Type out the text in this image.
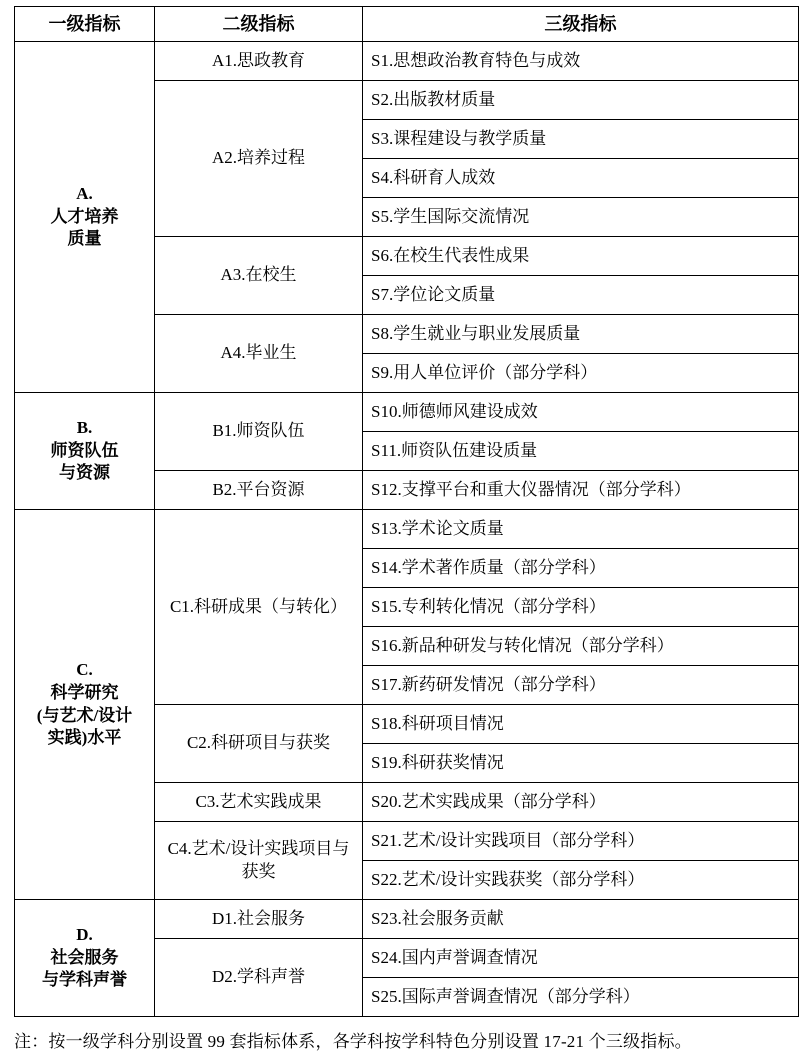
一级指标	二级指标	三级指标
A.
人才培养
质量	A1.思政教育	S1.思想政治教育特色与成效
	A2.培养过程	S2.出版教材质量
		S3.课程建设与教学质量
		S4.科研育人成效
		S5.学生国际交流情况
	A3.在校生	S6.在校生代表性成果
		S7.学位论文质量
	A4.毕业生	S8.学生就业与职业发展质量
		S9.用人单位评价（部分学科）
B.
师资队伍
与资源	B1.师资队伍	S10.师德师风建设成效
		S11.师资队伍建设质量
	B2.平台资源	S12.支撑平台和重大仪器情况（部分学科）
C.
科学研究
(与艺术/设计
实践)水平	C1.科研成果（与转化）	S13.学术论文质量
		S14.学术著作质量（部分学科）
		S15.专利转化情况（部分学科）
		S16.新品种研发与转化情况（部分学科）
		S17.新药研发情况（部分学科）
	C2.科研项目与获奖	S18.科研项目情况
		S19.科研获奖情况
	C3.艺术实践成果	S20.艺术实践成果（部分学科）
	C4.艺术/设计实践项目与获奖	S21.艺术/设计实践项目（部分学科）
		S22.艺术/设计实践获奖（部分学科）
D.
社会服务
与学科声誉	D1.社会服务	S23.社会服务贡献
	D2.学科声誉	S24.国内声誉调查情况
		S25.国际声誉调查情况（部分学科）
注：按一级学科分别设置 99 套指标体系，各学科按学科特色分别设置 17-21 个三级指标。
